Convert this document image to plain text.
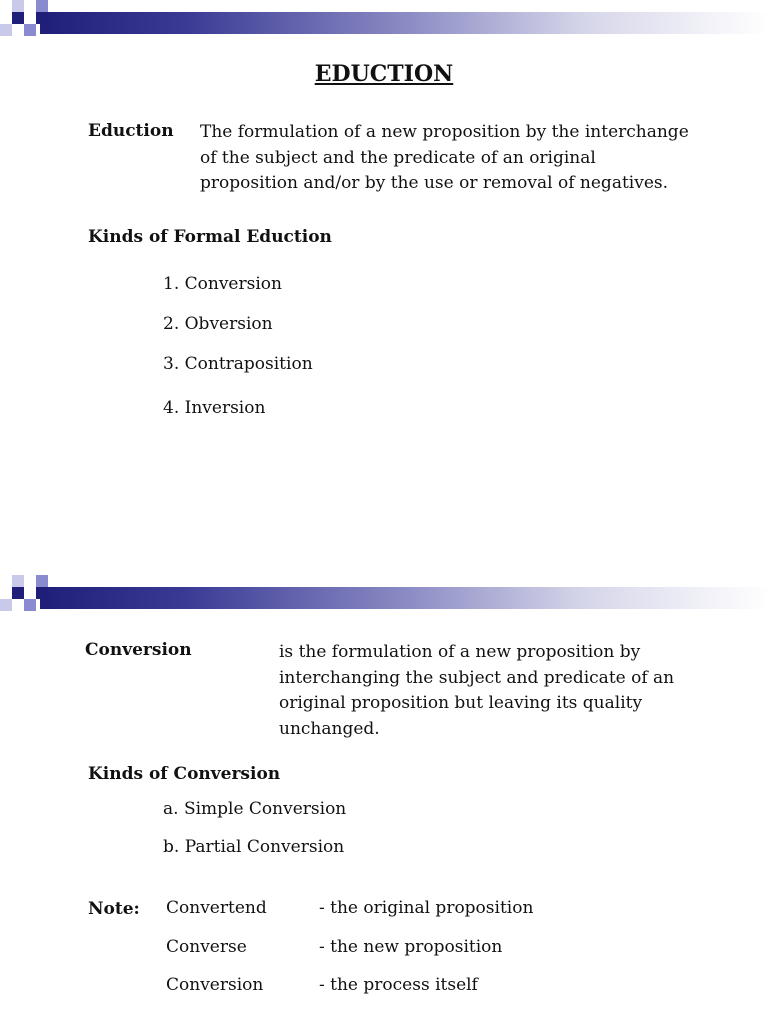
EDUCTION
Eduction The formulation of a new proposition by the interchange
of the subject and the predicate of an original
proposition and/or by the use or removal of negatives.
Kinds of Formal Eduction
1. Conversion
2. Obversion
3. Contraposition
4. Inversion
Conversion	is the formulation of a new proposition by
interchanging the subject and predicate of an
original proposition but leaving its quality
unchanged.
Kinds of Conversion
a. Simple Conversion
b. Partial Conversion
Note: Convertend	- the original proposition
Converse	- the new proposition
Conversion	- the process itself
